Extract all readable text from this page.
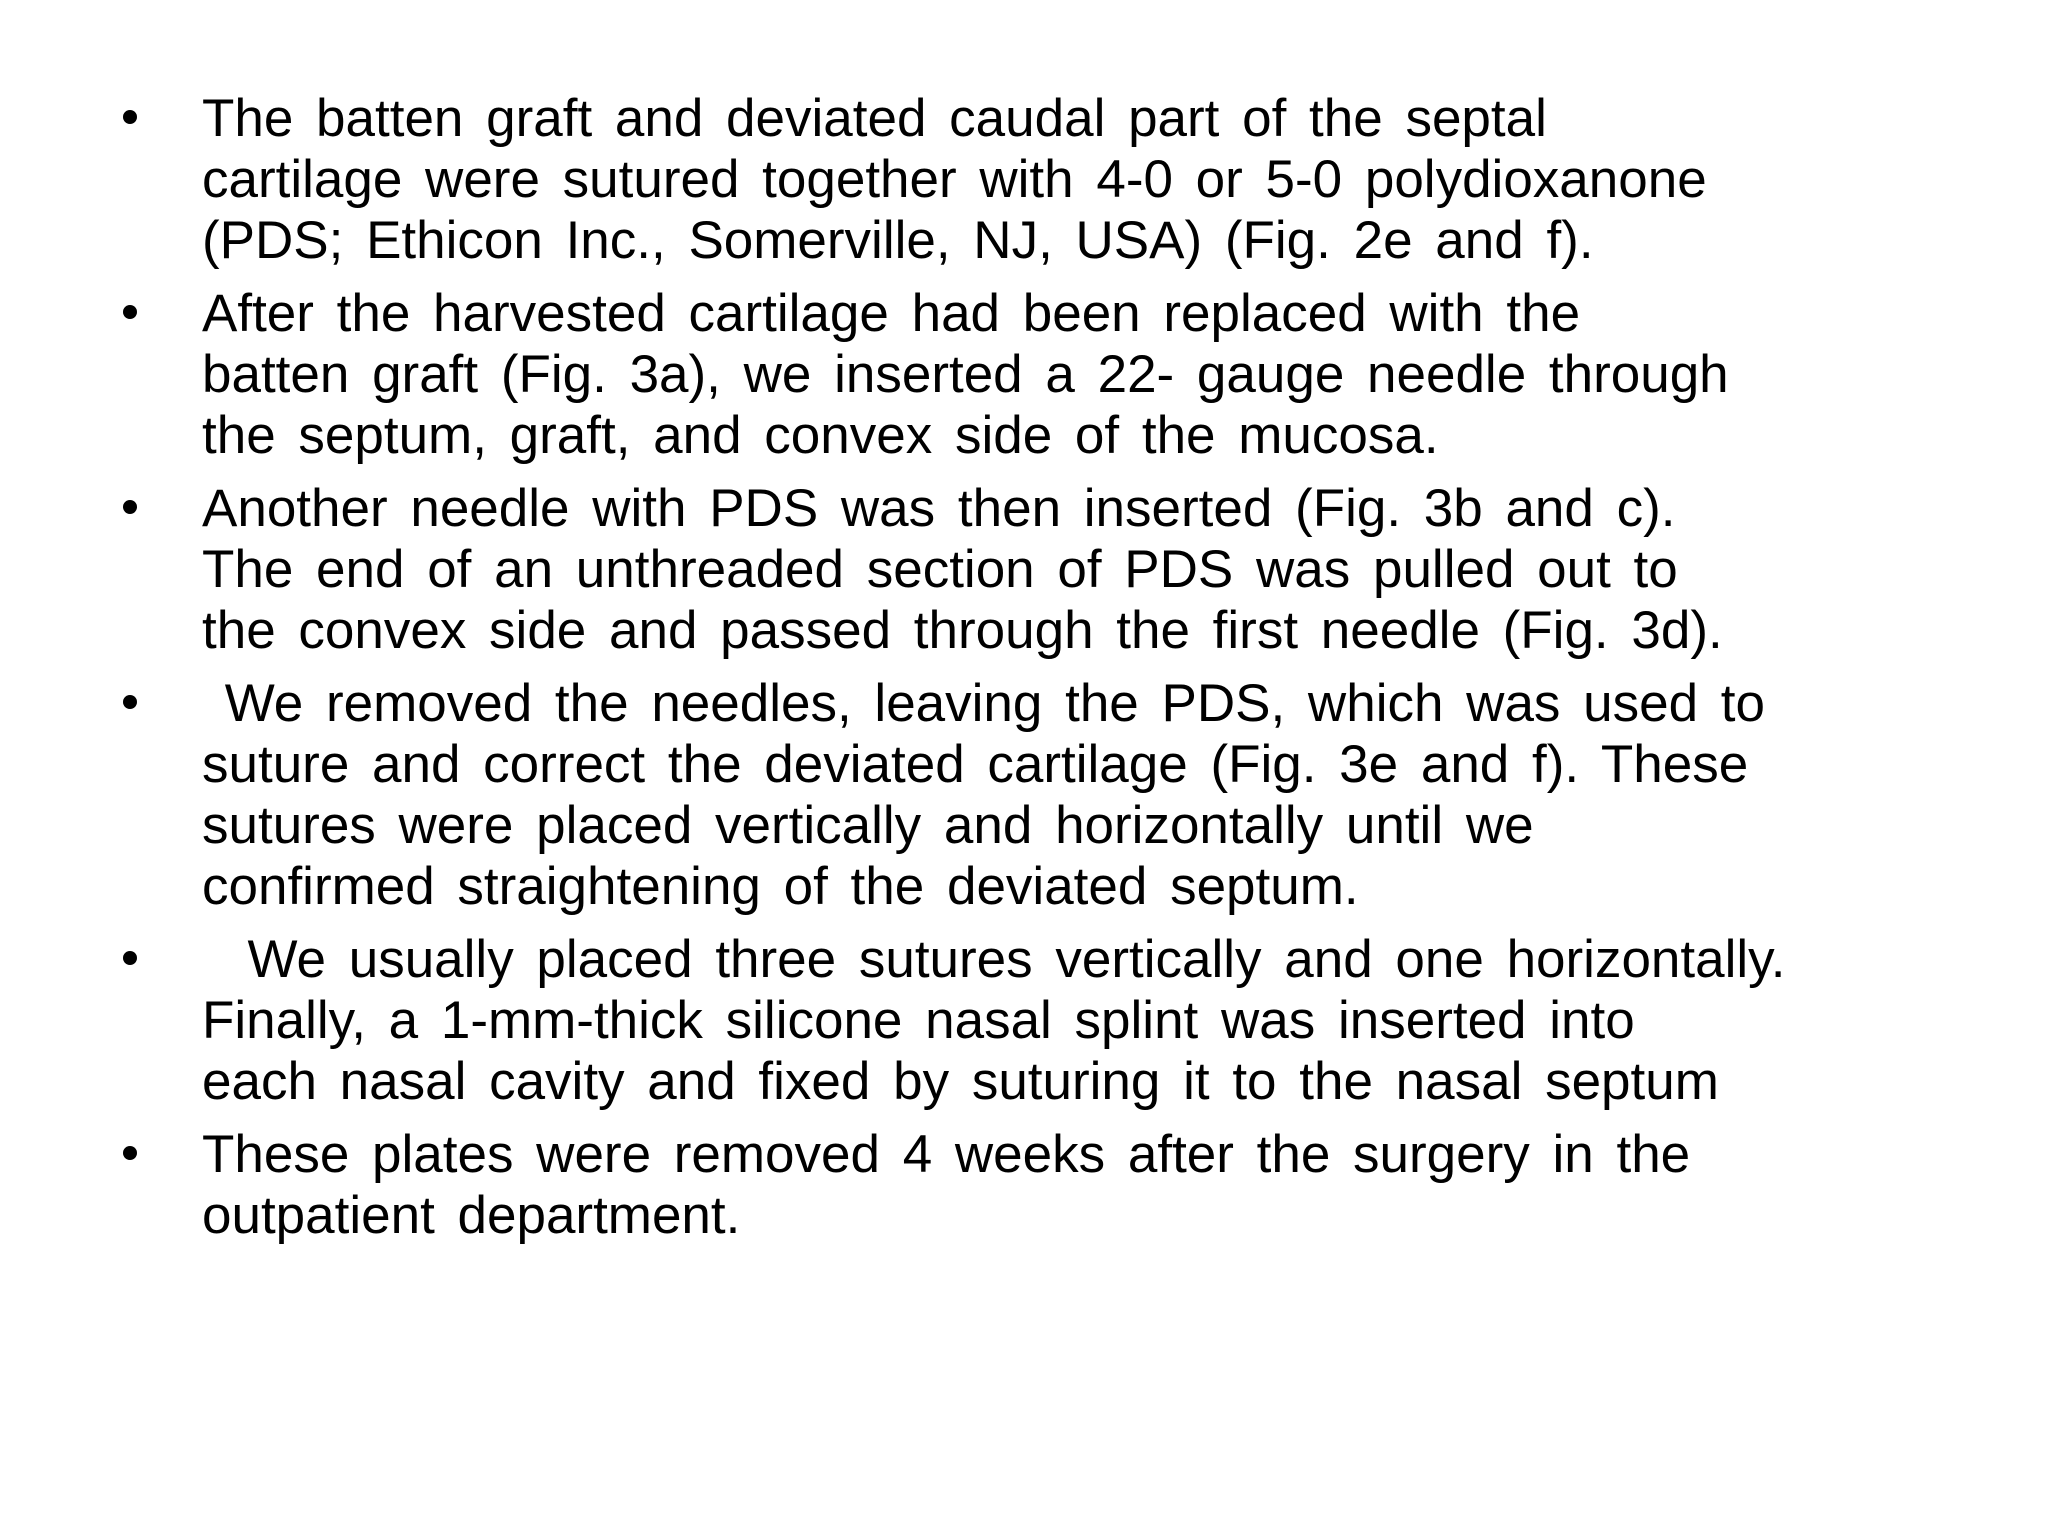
The batten graft and deviated caudal part of the septal
cartilage were sutured together with 4-0 or 5-0 polydioxanone
(PDS; Ethicon Inc., Somerville, NJ, USA) (Fig. 2e and f).
After the harvested cartilage had been replaced with the
batten graft (Fig. 3a), we inserted a 22- gauge needle through
the septum, graft, and convex side of the mucosa.
Another needle with PDS was then inserted (Fig. 3b and c).
The end of an unthreaded section of PDS was pulled out to
the convex side and passed through the first needle (Fig. 3d).
We removed the needles, leaving the PDS, which was used to
suture and correct the deviated cartilage (Fig. 3e and f). These
sutures were placed vertically and horizontally until we
confirmed straightening of the deviated septum.
We usually placed three sutures vertically and one horizontally.
Finally, a 1-mm-thick silicone nasal splint was inserted into
each nasal cavity and fixed by suturing it to the nasal septum
These plates were removed 4 weeks after the surgery in the
outpatient department.
